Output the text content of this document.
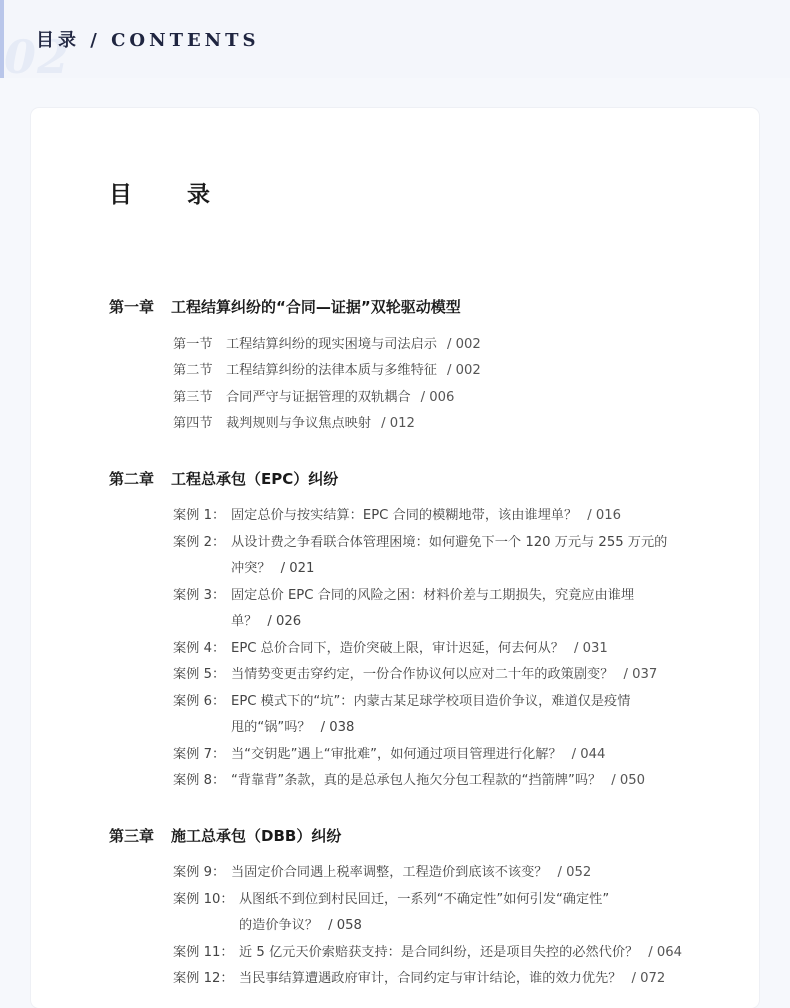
02
目录 / CONTENTS
目　录
第一章 工程结算纠纷的“合同—证据”双轮驱动模型
第一节 工程结算纠纷的现实困境与司法启示 / 002
第二节 工程结算纠纷的法律本质与多维特征 / 002
第三节 合同严守与证据管理的双轨耦合 / 006
第四节 裁判规则与争议焦点映射 / 012
第二章 工程总承包（EPC）纠纷
案例 1： 固定总价与按实结算：EPC 合同的模糊地带，该由谁埋单？ / 016
案例 2： 从设计费之争看联合体管理困境：如何避免下一个 120 万元与 255 万元的
冲突？ / 021
案例 3： 固定总价 EPC 合同的风险之困：材料价差与工期损失，究竟应由谁埋
单？ / 026
案例 4： EPC 总价合同下，造价突破上限，审计迟延，何去何从？ / 031
案例 5： 当情势变更击穿约定，一份合作协议何以应对二十年的政策剧变？ / 037
案例 6： EPC 模式下的“坑”：内蒙古某足球学校项目造价争议，难道仅是疫情
甩的“锅”吗？ / 038
案例 7： 当“交钥匙”遇上“审批难”，如何通过项目管理进行化解？ / 044
案例 8： “背靠背”条款，真的是总承包人拖欠分包工程款的“挡箭牌”吗？ / 050
第三章 施工总承包（DBB）纠纷
案例 9： 当固定价合同遇上税率调整，工程造价到底该不该变？ / 052
案例 10： 从图纸不到位到村民回迁，一系列“不确定性”如何引发“确定性”
的造价争议？ / 058
案例 11： 近 5 亿元天价索赔获支持：是合同纠纷，还是项目失控的必然代价？ / 064
案例 12： 当民事结算遭遇政府审计，合同约定与审计结论，谁的效力优先？ / 072
